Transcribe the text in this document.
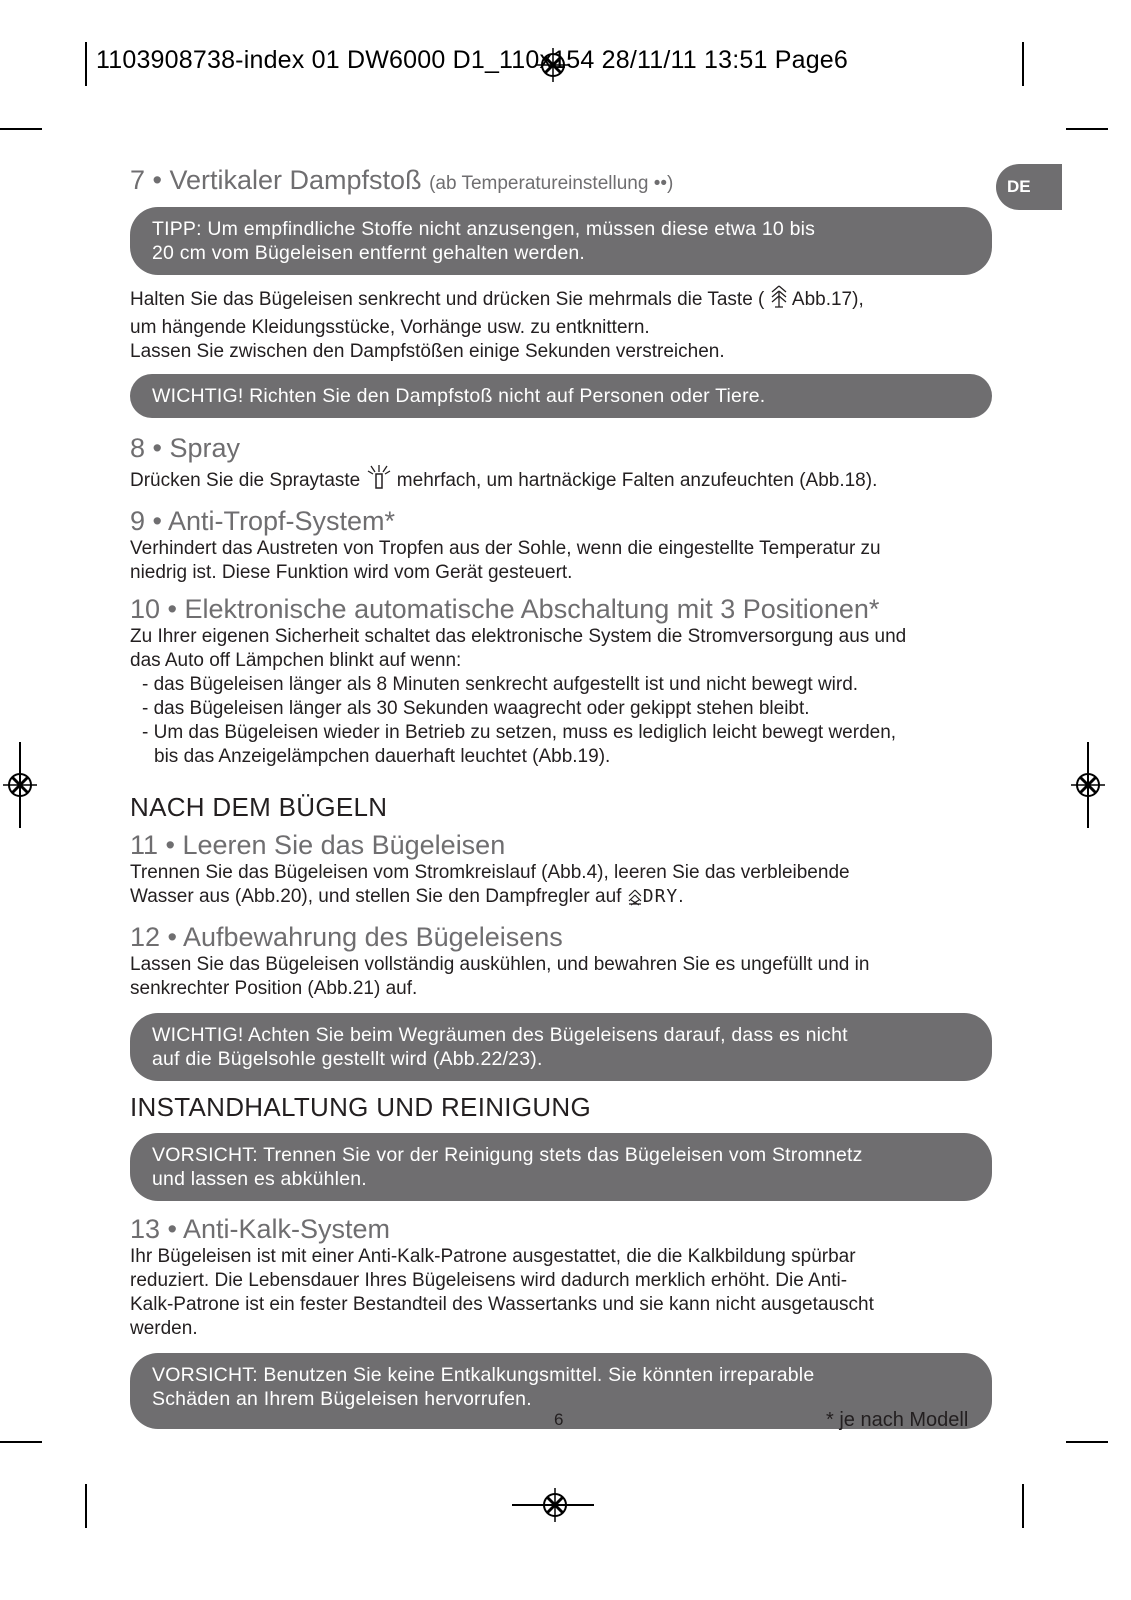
1103908738-index 01 DW6000 D1_110x154 28/11/11 13:51 Page6
DE
7 • Vertikaler Dampfstoß (ab Temperatureinstellung ••)
TIPP: Um empfindliche Stoffe nicht anzusengen, müssen diese etwa 10 bis
20 cm vom Bügeleisen entfernt gehalten werden.

Halten Sie das Bügeleisen senkrecht und drücken Sie mehrmals die Taste ( Abb.17),

um hängende Kleidungsstücke, Vorhänge usw. zu entknittern.

Lassen Sie zwischen den Dampfstößen einige Sekunden verstreichen.

WICHTIG! Richten Sie den Dampfstoß nicht auf Personen oder Tiere.
8 • Spray

Drücken Sie die Spraytaste mehrfach, um hartnäckige Falten anzufeuchten (Abb.18).

9 • Anti-Tropf-System*

Verhindert das Austreten von Tropfen aus der Sohle, wenn die eingestellte Temperatur zu

niedrig ist. Diese Funktion wird vom Gerät gesteuert.

10 • Elektronische automatische Abschaltung mit 3 Positionen*

Zu Ihrer eigenen Sicherheit schaltet das elektronische System die Stromversorgung aus und

das Auto off Lämpchen blinkt auf wenn:

- das Bügeleisen länger als 8 Minuten senkrecht aufgestellt ist und nicht bewegt wird.
- das Bügeleisen länger als 30 Sekunden waagrecht oder gekippt stehen bleibt.
- Um das Bügeleisen wieder in Betrieb zu setzen, muss es lediglich leicht bewegt werden,
bis das Anzeigelämpchen dauerhaft leuchtet (Abb.19).
NACH DEM BÜGELN
11 • Leeren Sie das Bügeleisen

Trennen Sie das Bügeleisen vom Stromkreislauf (Abb.4), leeren Sie das verbleibende

Wasser aus (Abb.20), und stellen Sie den Dampfregler auf DRY.

12 • Aufbewahrung des Bügeleisens

Lassen Sie das Bügeleisen vollständig auskühlen, und bewahren Sie es ungefüllt und in

senkrechter Position (Abb.21) auf.

WICHTIG! Achten Sie beim Wegräumen des Bügeleisens darauf, dass es nicht
auf die Bügelsohle gestellt wird (Abb.22/23).
INSTANDHALTUNG UND REINIGUNG
VORSICHT: Trennen Sie vor der Reinigung stets das Bügeleisen vom Stromnetz
und lassen es abkühlen.
13 • Anti-Kalk-System

Ihr Bügeleisen ist mit einer Anti-Kalk-Patrone ausgestattet, die die Kalkbildung spürbar

reduziert. Die Lebensdauer Ihres Bügeleisens wird dadurch merklich erhöht. Die Anti-

Kalk-Patrone ist ein fester Bestandteil des Wassertanks und sie kann nicht ausgetauscht

werden.

VORSICHT: Benutzen Sie keine Entkalkungsmittel. Sie könnten irreparable
Schäden an Ihrem Bügeleisen hervorrufen.
6	* je nach Modell
